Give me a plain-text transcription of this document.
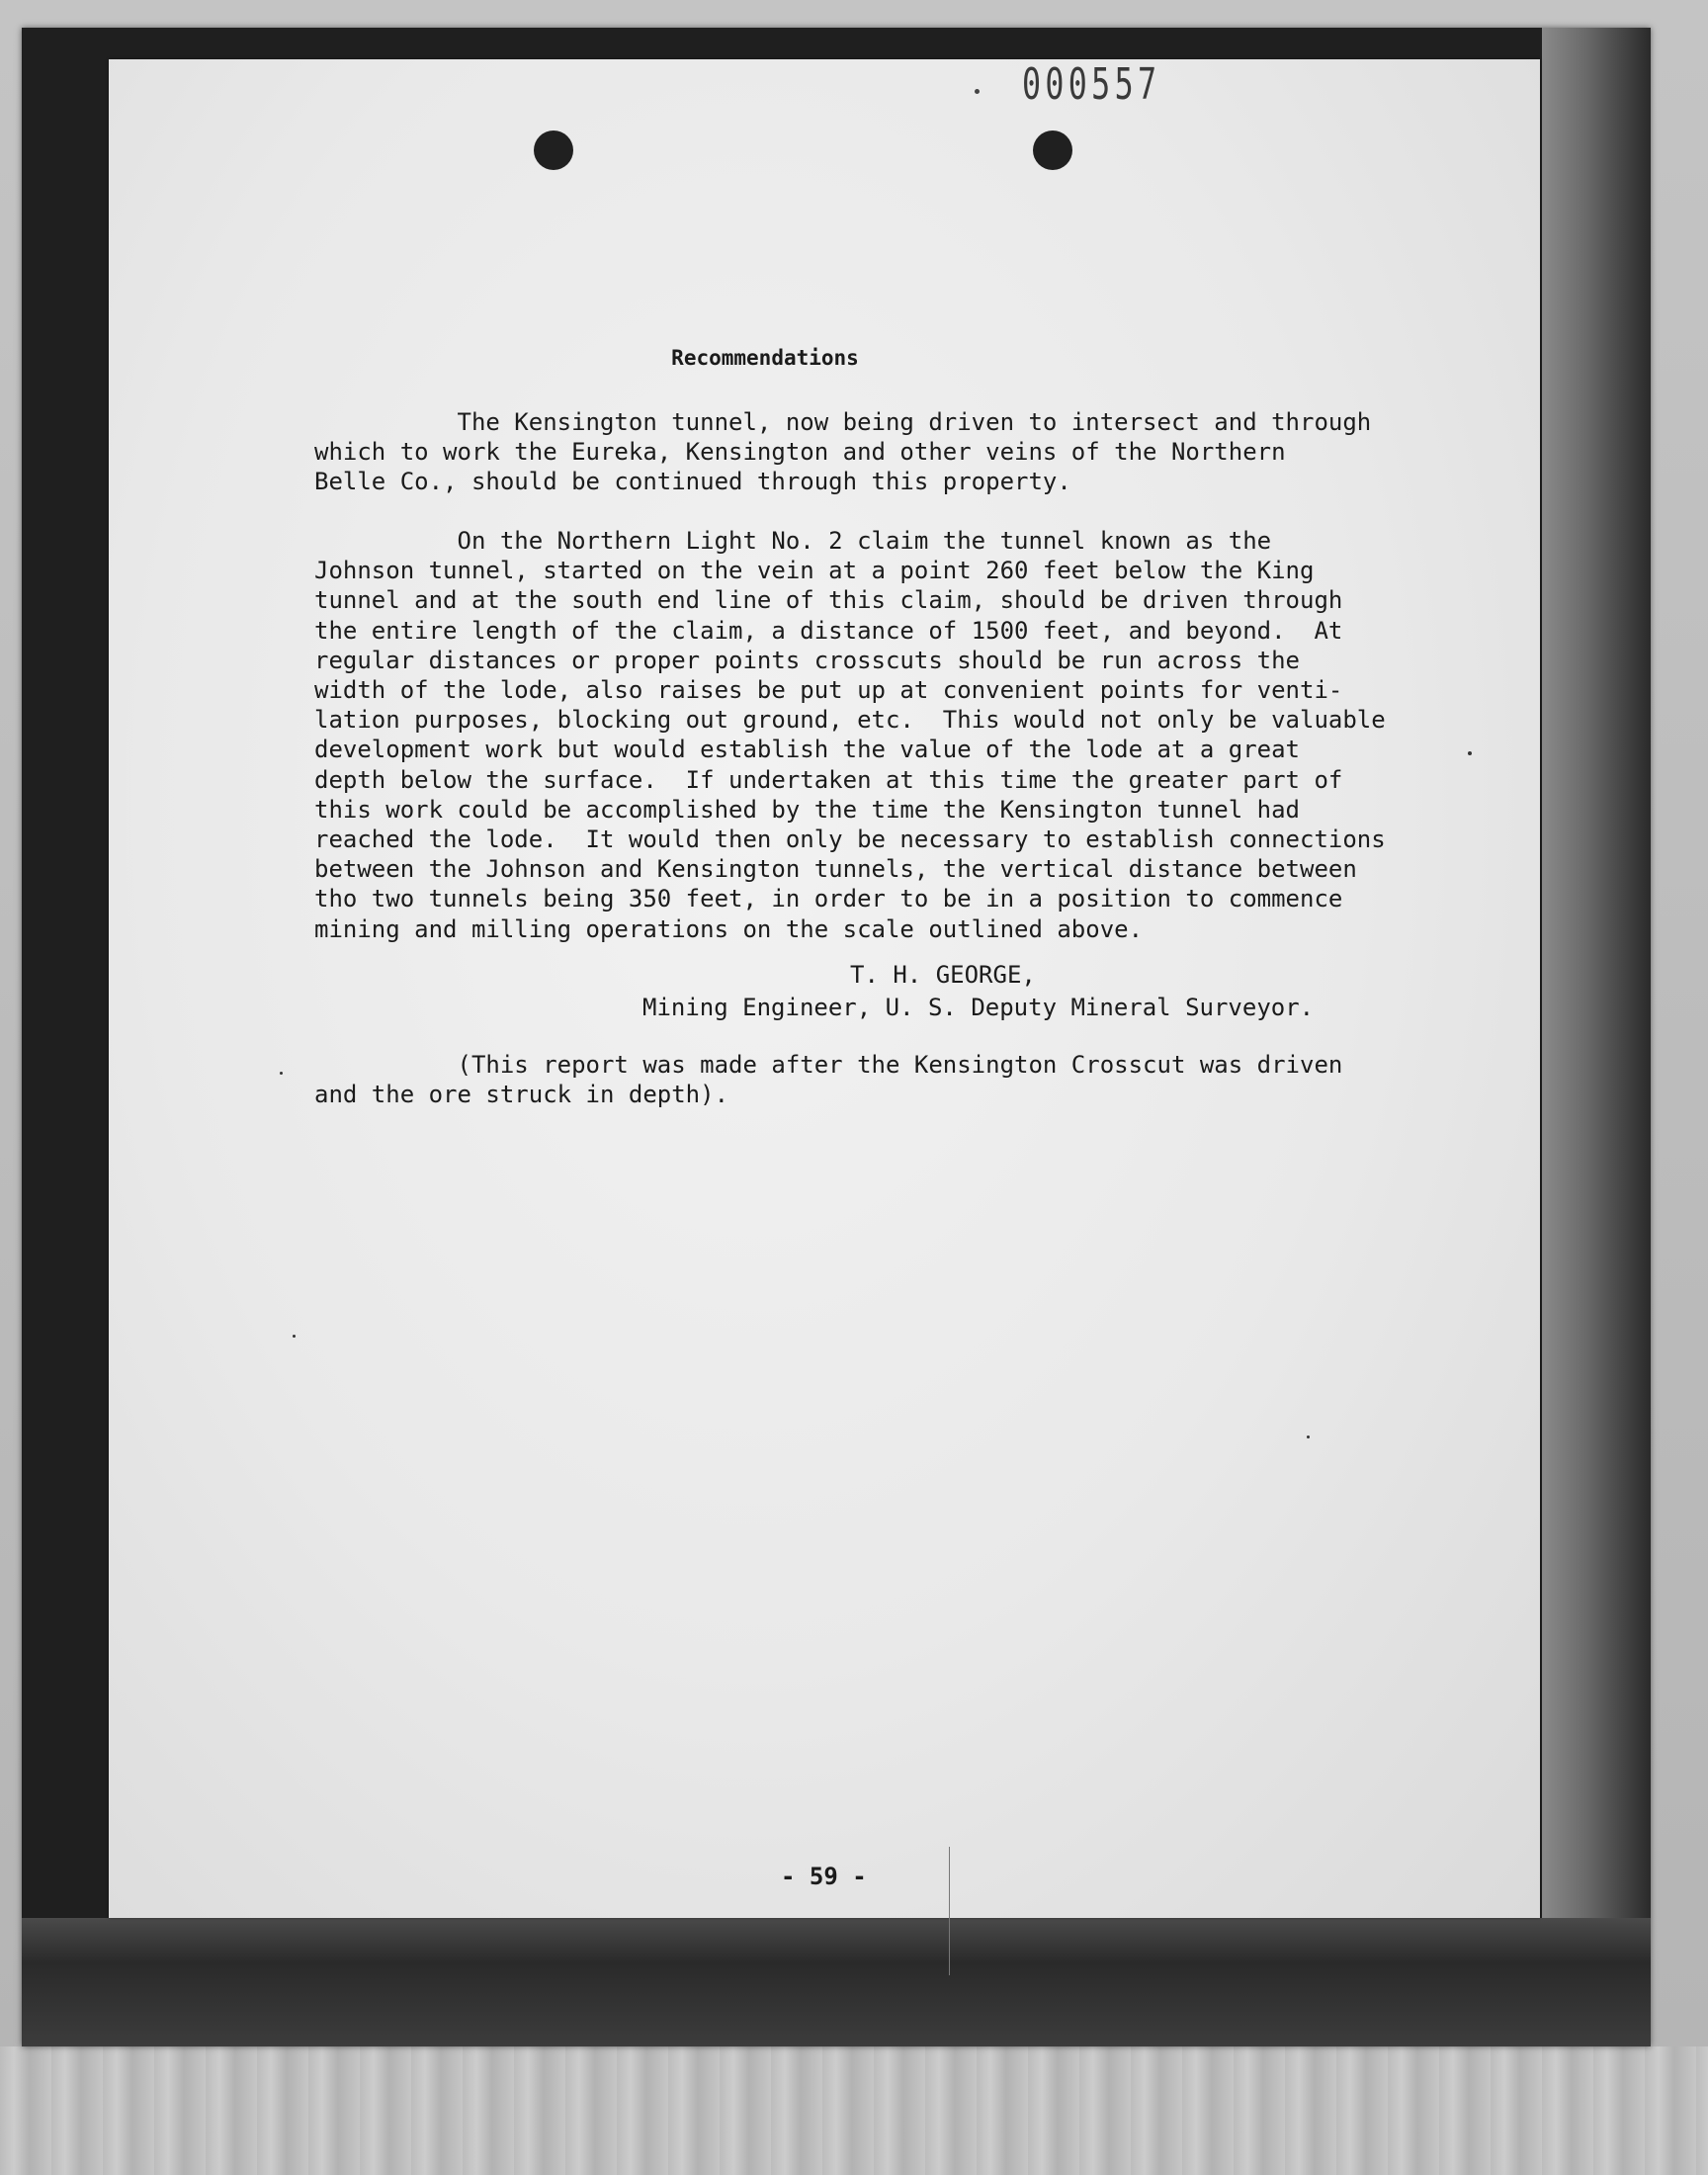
000557
Recommendations

The Kensington tunnel, now being driven to intersect and through
which to work the Eureka, Kensington and other veins of the Northern
Belle Co., should be continued through this property.

On the Northern Light No. 2 claim the tunnel known as the
Johnson tunnel, started on the vein at a point 260 feet below the King
tunnel and at the south end line of this claim, should be driven through
the entire length of the claim, a distance of 1500 feet, and beyond.  At
regular distances or proper points crosscuts should be run across the
width of the lode, also raises be put up at convenient points for venti-
lation purposes, blocking out ground, etc.  This would not only be valuable
development work but would establish the value of the lode at a great
depth below the surface.  If undertaken at this time the greater part of
this work could be accomplished by the time the Kensington tunnel had
reached the lode.  It would then only be necessary to establish connections
between the Johnson and Kensington tunnels, the vertical distance between
tho two tunnels being 350 feet, in order to be in a position to commence
mining and milling operations on the scale outlined above.

T. H. GEORGE,
Mining Engineer, U. S. Deputy Mineral Surveyor.

(This report was made after the Kensington Crosscut was driven
and the ore struck in depth).

- 59 -
